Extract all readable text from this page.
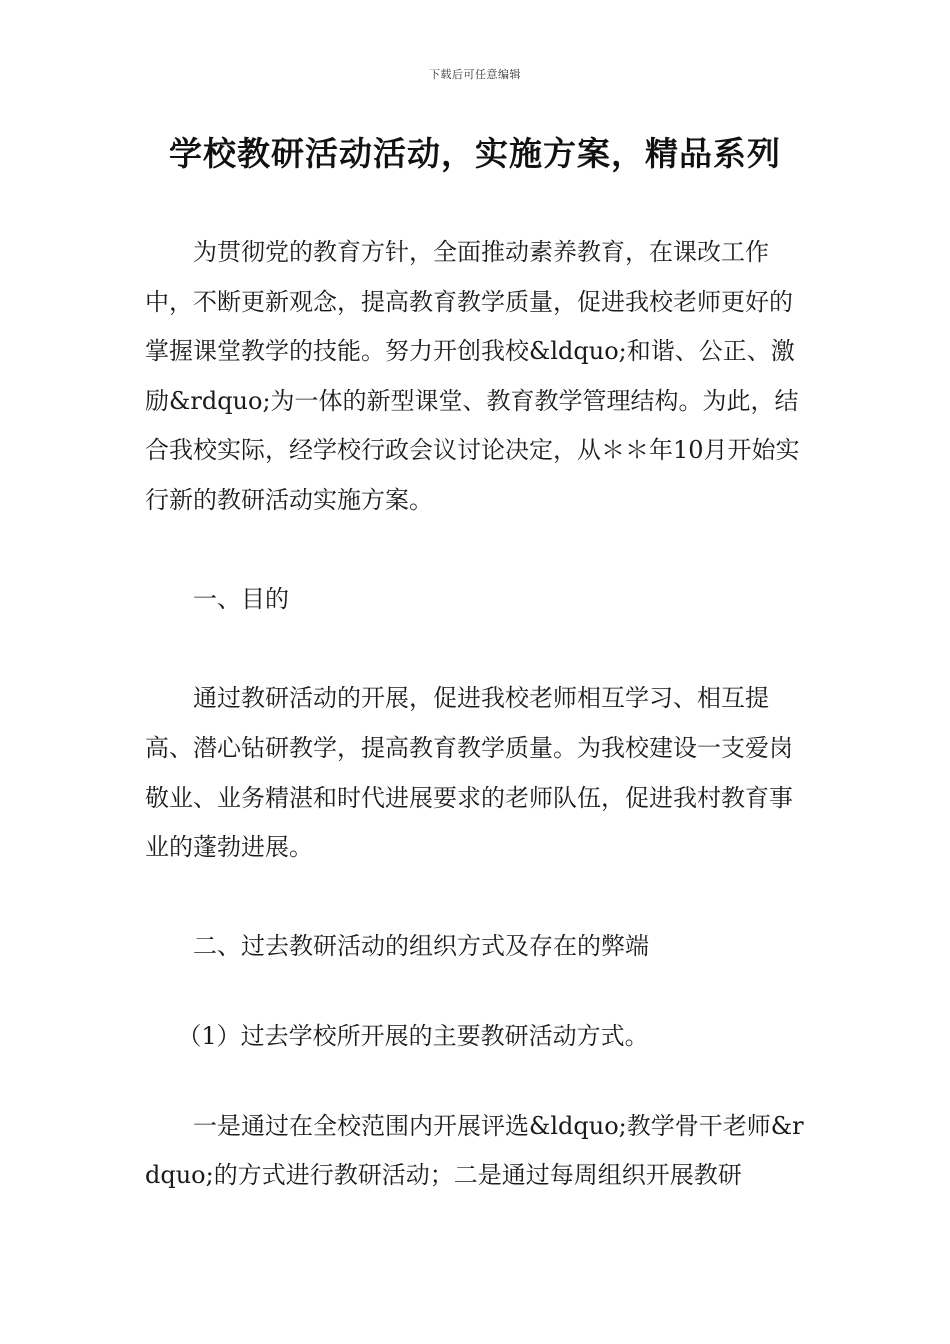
下载后可任意编辑
学校教研活动活动，实施方案，精品系列

为贯彻党的教育方针，全面推动素养教育，在课改工作中，不断更新观念，提高教育教学质量，促进我校老师更好的掌握课堂教学的技能。努力开创我校&ldquo;和谐、公正、激励&rdquo;为一体的新型课堂、教育教学管理结构。为此，结合我校实际，经学校行政会议讨论决定，从＊＊年10月开始实行新的教研活动实施方案。

一、目的

通过教研活动的开展，促进我校老师相互学习、相互提高、潜心钻研教学，提高教育教学质量。为我校建设一支爱岗敬业、业务精湛和时代进展要求的老师队伍，促进我村教育事业的蓬勃进展。

二、过去教研活动的组织方式及存在的弊端

（1）过去学校所开展的主要教研活动方式。

一是通过在全校范围内开展评选&ldquo;教学骨干老师&rdquo;的方式进行教研活动；二是通过每周组织开展教研
